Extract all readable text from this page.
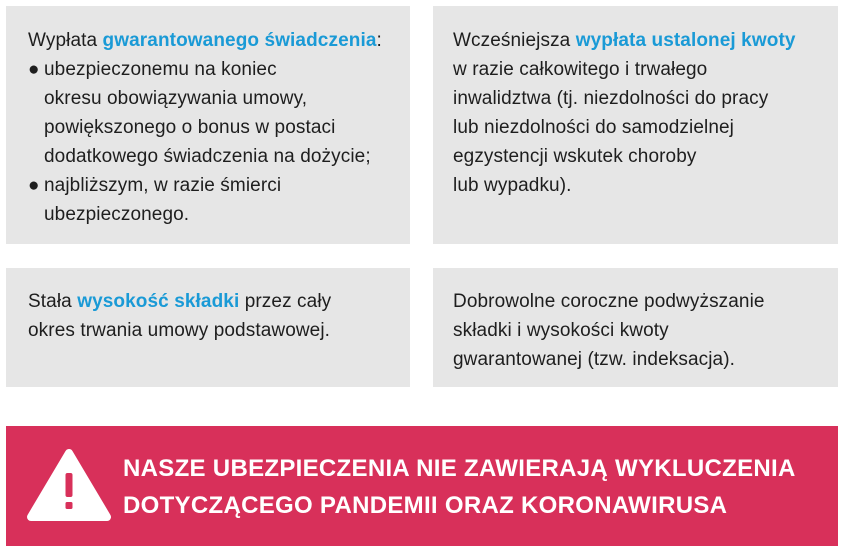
Wypłata gwarantowanego świadczenia:
● ubezpieczonemu na koniec
okresu obowiązywania umowy,
powiększonego o bonus w postaci
dodatkowego świadczenia na dożycie;
● najbliższym, w razie śmierci
ubezpieczonego.
Wcześniejsza wypłata ustalonej kwoty
w razie całkowitego i trwałego
inwalidztwa (tj. niezdolności do pracy
lub niezdolności do samodzielnej
egzystencji wskutek choroby
lub wypadku).
Stała wysokość składki przez cały
okres trwania umowy podstawowej.
Dobrowolne coroczne podwyższanie
składki i wysokości kwoty
gwarantowanej (tzw. indeksacja).
NASZE UBEZPIECZENIA NIE ZAWIERAJĄ WYKLUCZENIA
DOTYCZĄCEGO PANDEMII ORAZ KORONAWIRUSA
